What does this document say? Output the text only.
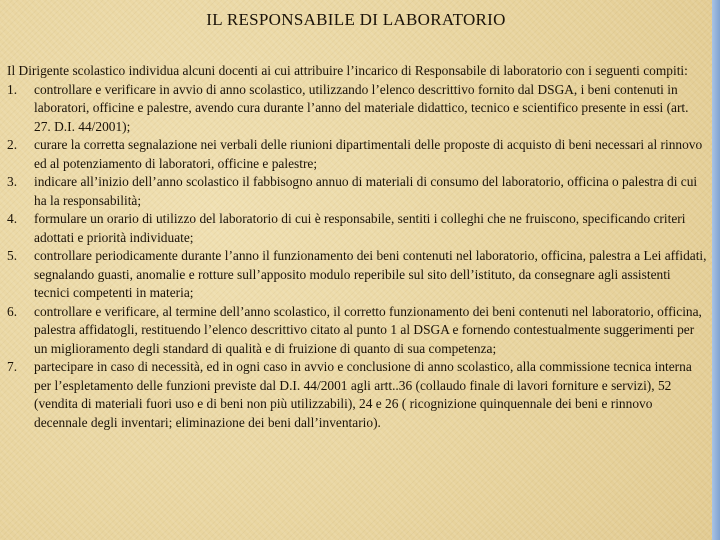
IL RESPONSABILE DI LABORATORIO

Il Dirigente scolastico individua alcuni docenti ai cui attribuire l’incarico di Responsabile di laboratorio con i seguenti compiti:

1. controllare e verificare in avvio di anno scolastico, utilizzando l’elenco descrittivo fornito dal DSGA, i beni contenuti in laboratori, officine e palestre, avendo cura durante l’anno del materiale didattico, tecnico e scientifico presente in essi (art. 27. D.I. 44/2001);
2. curare la corretta segnalazione nei verbali delle riunioni dipartimentali delle proposte di acquisto di beni necessari al rinnovo ed al potenziamento di laboratori, officine e palestre;
3. indicare all’inizio dell’anno scolastico il fabbisogno annuo di materiali di consumo del laboratorio, officina o palestra di cui ha la responsabilità;
4. formulare un orario di utilizzo del laboratorio di cui è responsabile, sentiti i colleghi che ne fruiscono, specificando criteri adottati e priorità individuate;
5. controllare periodicamente durante l’anno il funzionamento dei beni contenuti nel laboratorio, officina, palestra a Lei affidati, segnalando guasti, anomalie e rotture sull’apposito modulo reperibile sul sito dell’istituto, da consegnare agli assistenti tecnici competenti in materia;
6. controllare e verificare, al termine dell’anno scolastico, il corretto funzionamento dei beni contenuti nel laboratorio, officina, palestra affidatogli, restituendo l’elenco descrittivo citato al punto 1 al DSGA e fornendo contestualmente suggerimenti per un miglioramento degli standard di qualità e di fruizione di quanto di sua competenza;
7. partecipare in caso di necessità, ed in ogni caso in avvio e conclusione di anno scolastico, alla commissione tecnica interna per l’espletamento delle funzioni previste dal D.I. 44/2001 agli artt..36 (collaudo finale di lavori forniture e servizi), 52 (vendita di materiali fuori uso e di beni non più utilizzabili), 24 e 26 ( ricognizione quinquennale dei beni e rinnovo decennale degli inventari; eliminazione dei beni dall’inventario).
